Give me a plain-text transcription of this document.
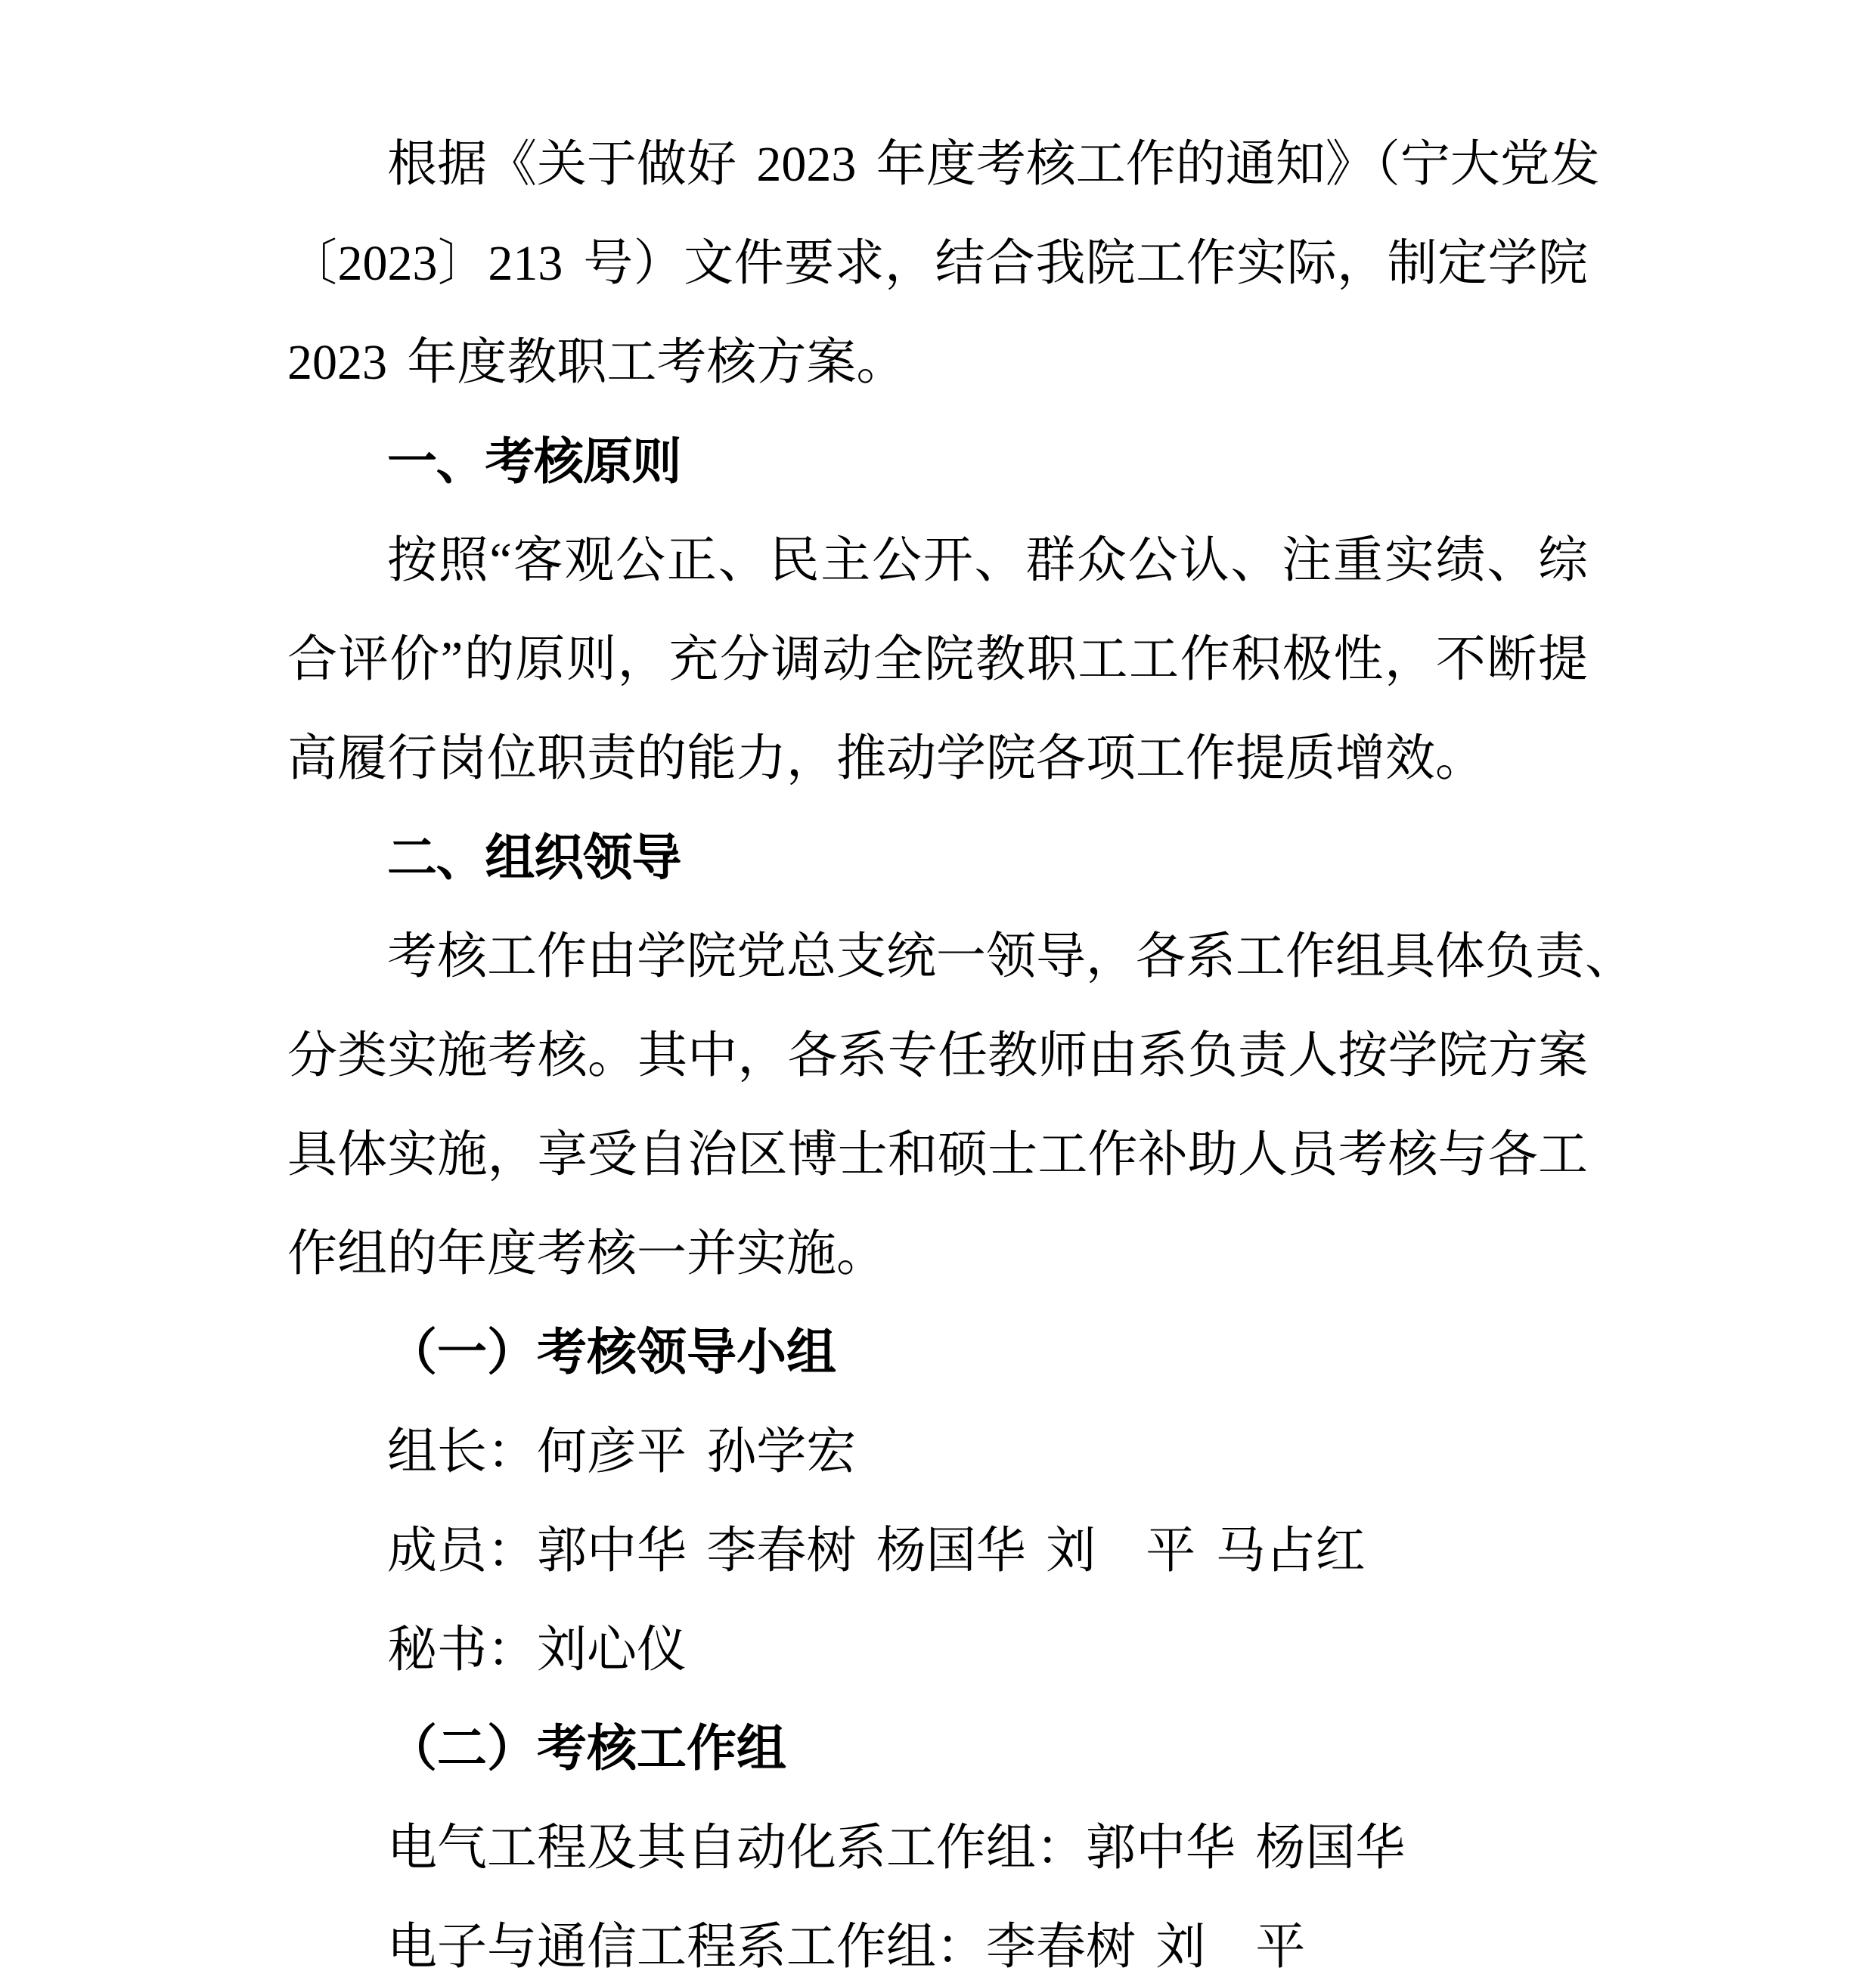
根据《关于做好 2023 年度考核工作的通知》（宁大党发
〔2023〕213 号）文件要求，结合我院工作实际，制定学院
2023 年度教职工考核方案。
一、考核原则
按照“客观公正、民主公开、群众公认、注重实绩、综
合评价”的原则，充分调动全院教职工工作积极性，不断提
高履行岗位职责的能力，推动学院各项工作提质增效。
二、组织领导
考核工作由学院党总支统一领导，各系工作组具体负责、
分类实施考核。其中，各系专任教师由系负责人按学院方案
具体实施，享受自治区博士和硕士工作补助人员考核与各工
作组的年度考核一并实施。
（一）考核领导小组
组长：何彦平 孙学宏
成员：郭中华 李春树 杨国华 刘　平 马占红
秘书：刘心仪
（二）考核工作组
电气工程及其自动化系工作组：郭中华 杨国华
电子与通信工程系工作组：李春树 刘　平
